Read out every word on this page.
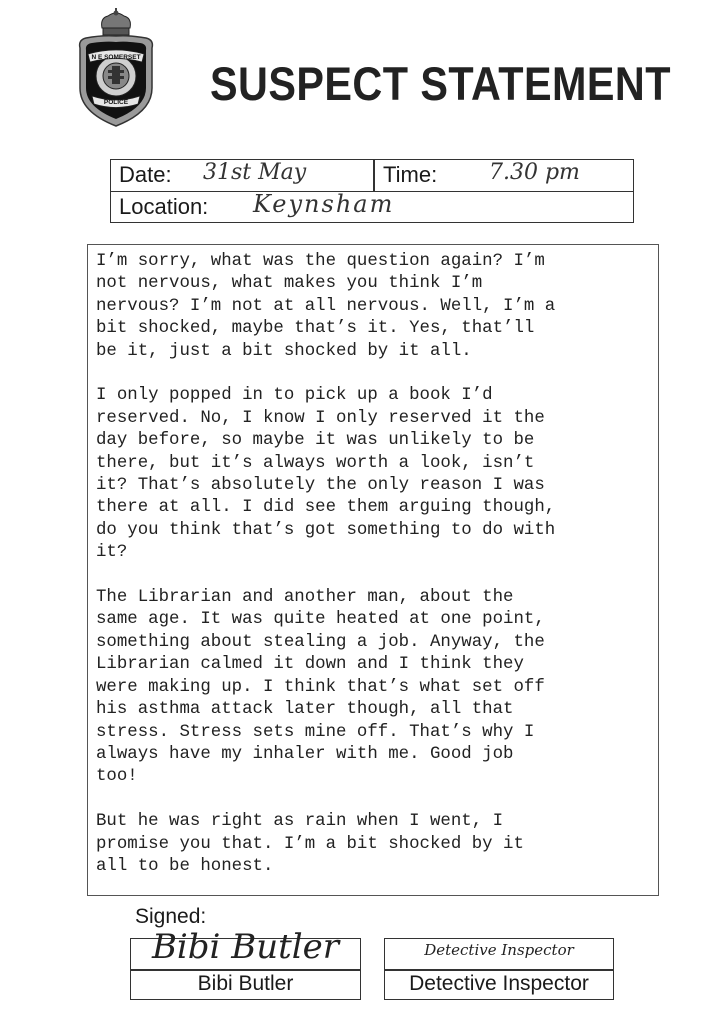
N E SOMERSET
POLICE SUSPECT STATEMENT
Date: 31st May	Time: 7.30 pm
Location: Keynsham

I’m sorry, what was the question again? I’m
not nervous, what makes you think I’m
nervous? I’m not at all nervous. Well, I’m a
bit shocked, maybe that’s it. Yes, that’ll
be it, just a bit shocked by it all.

I only popped in to pick up a book I’d
reserved. No, I know I only reserved it the
day before, so maybe it was unlikely to be
there, but it’s always worth a look, isn’t
it? That’s absolutely the only reason I was
there at all. I did see them arguing though,
do you think that’s got something to do with
it?

The Librarian and another man, about the
same age. It was quite heated at one point,
something about stealing a job. Anyway, the
Librarian calmed it down and I think they
were making up. I think that’s what set off
his asthma attack later though, all that
stress. Stress sets mine off. That’s why I
always have my inhaler with me. Good job
too!

But he was right as rain when I went, I
promise you that. I’m a bit shocked by it
all to be honest.

Signed:
Bibi Butler
Bibi Butler
Detective Inspector
Detective Inspector
